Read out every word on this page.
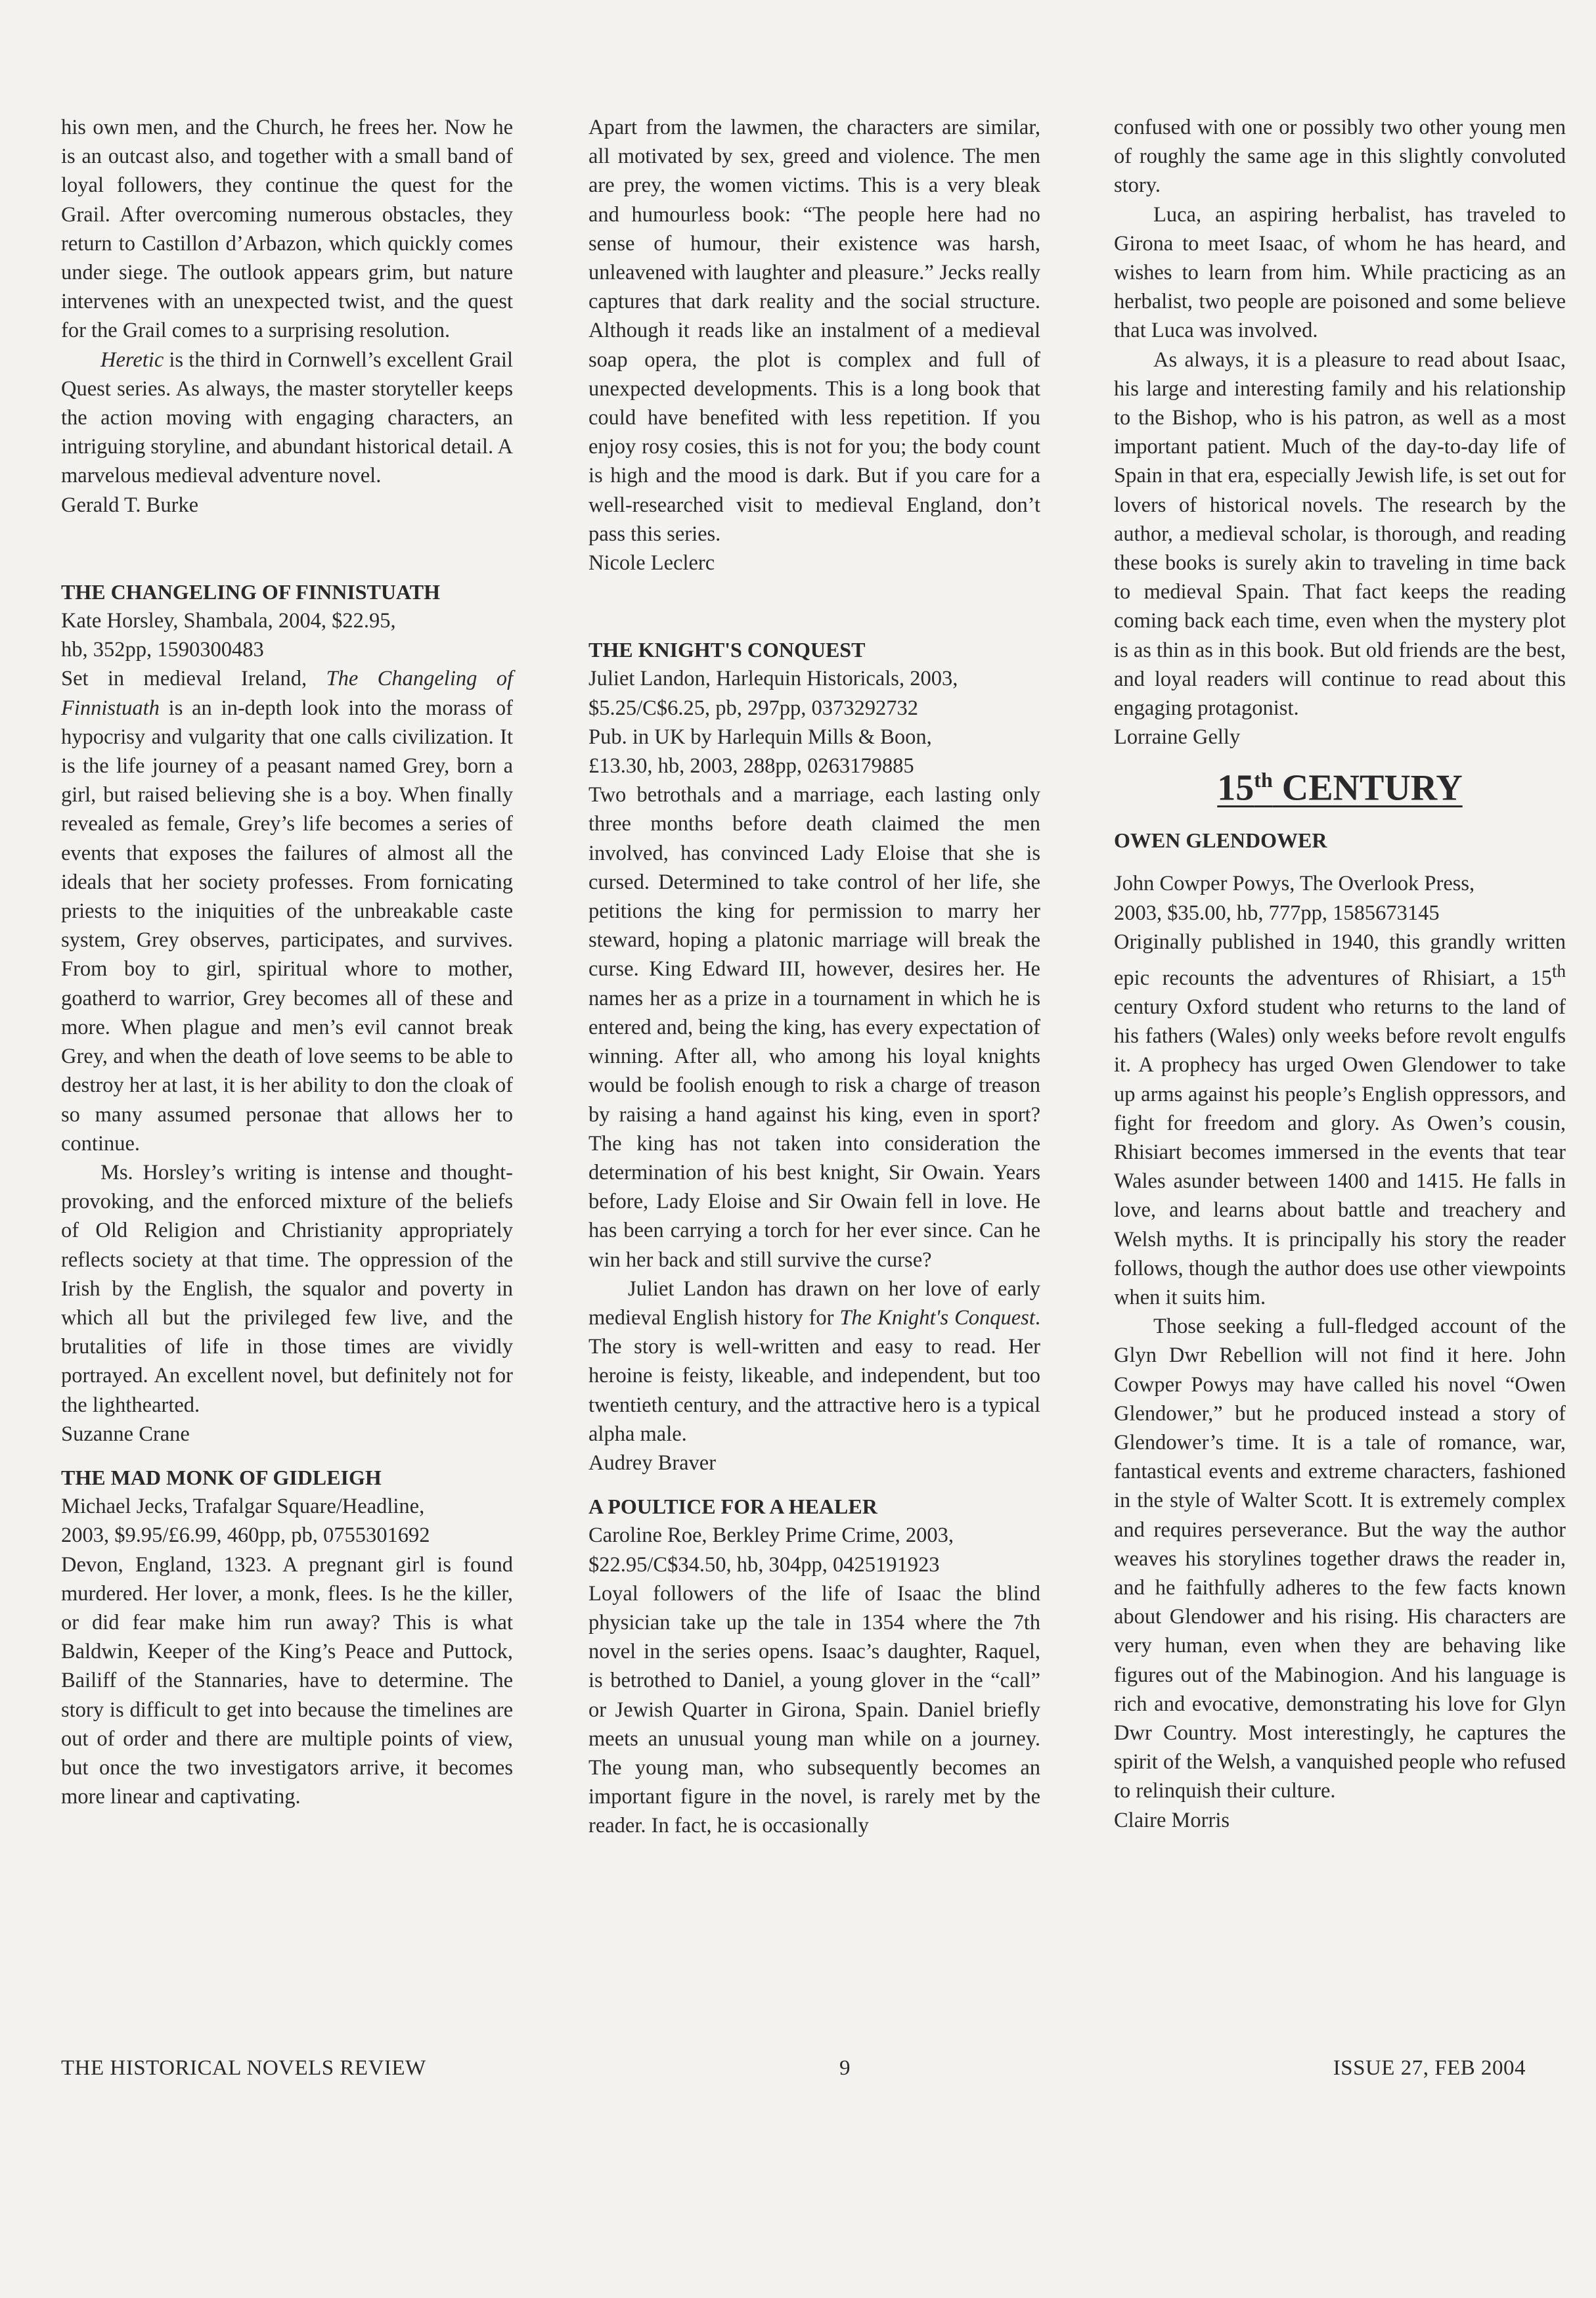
his own men, and the Church, he frees her. Now he is an outcast also, and together with a small band of loyal followers, they continue the quest for the Grail. After overcoming numerous obstacles, they return to Castillon d’Arbazon, which quickly comes under siege. The outlook appears grim, but nature intervenes with an unexpected twist, and the quest for the Grail comes to a surprising resolution.

Heretic is the third in Cornwell’s excellent Grail Quest series. As always, the master storyteller keeps the action moving with engaging characters, an intriguing storyline, and abundant historical detail. A marvelous medieval adventure novel.

Gerald T. Burke

THE CHANGELING OF FINNISTUATH

Kate Horsley, Shambala, 2004, $22.95,

hb, 352pp, 1590300483

Set in medieval Ireland, The Changeling of Finnistuath is an in-depth look into the morass of hypocrisy and vulgarity that one calls civilization. It is the life journey of a peasant named Grey, born a girl, but raised believing she is a boy. When finally revealed as female, Grey’s life becomes a series of events that exposes the failures of almost all the ideals that her society professes. From fornicating priests to the iniquities of the unbreakable caste system, Grey observes, participates, and survives. From boy to girl, spiritual whore to mother, goatherd to warrior, Grey becomes all of these and more. When plague and men’s evil cannot break Grey, and when the death of love seems to be able to destroy her at last, it is her ability to don the cloak of so many assumed personae that allows her to continue.

Ms. Horsley’s writing is intense and thought-provoking, and the enforced mixture of the beliefs of Old Religion and Christianity appropriately reflects society at that time. The oppression of the Irish by the English, the squalor and poverty in which all but the privileged few live, and the brutalities of life in those times are vividly portrayed. An excellent novel, but definitely not for the lighthearted.

Suzanne Crane

THE MAD MONK OF GIDLEIGH

Michael Jecks, Trafalgar Square/Headline,

2003, $9.95/£6.99, 460pp, pb, 0755301692

Devon, England, 1323. A pregnant girl is found murdered. Her lover, a monk, flees. Is he the killer, or did fear make him run away? This is what Baldwin, Keeper of the King’s Peace and Puttock, Bailiff of the Stannaries, have to determine. The story is difficult to get into because the timelines are out of order and there are multiple points of view, but once the two investigators arrive, it becomes more linear and captivating.

Apart from the lawmen, the characters are similar, all motivated by sex, greed and violence. The men are prey, the women victims. This is a very bleak and humourless book: “The people here had no sense of humour, their existence was harsh, unleavened with laughter and pleasure.” Jecks really captures that dark reality and the social structure. Although it reads like an instalment of a medieval soap opera, the plot is complex and full of unexpected developments. This is a long book that could have benefited with less repetition. If you enjoy rosy cosies, this is not for you; the body count is high and the mood is dark. But if you care for a well-researched visit to medieval England, don’t pass this series.

Nicole Leclerc

THE KNIGHT'S CONQUEST

Juliet Landon, Harlequin Historicals, 2003,

$5.25/C$6.25, pb, 297pp, 0373292732

Pub. in UK by Harlequin Mills & Boon,

£13.30, hb, 2003, 288pp, 0263179885

Two betrothals and a marriage, each lasting only three months before death claimed the men involved, has convinced Lady Eloise that she is cursed. Determined to take control of her life, she petitions the king for permission to marry her steward, hoping a platonic marriage will break the curse. King Edward III, however, desires her. He names her as a prize in a tournament in which he is entered and, being the king, has every expectation of winning. After all, who among his loyal knights would be foolish enough to risk a charge of treason by raising a hand against his king, even in sport? The king has not taken into consideration the determination of his best knight, Sir Owain. Years before, Lady Eloise and Sir Owain fell in love. He has been carrying a torch for her ever since. Can he win her back and still survive the curse?

Juliet Landon has drawn on her love of early medieval English history for The Knight's Conquest. The story is well-written and easy to read. Her heroine is feisty, likeable, and independent, but too twentieth century, and the attractive hero is a typical alpha male.

Audrey Braver

A POULTICE FOR A HEALER

Caroline Roe, Berkley Prime Crime, 2003,

$22.95/C$34.50, hb, 304pp, 0425191923

Loyal followers of the life of Isaac the blind physician take up the tale in 1354 where the 7th novel in the series opens. Isaac’s daughter, Raquel, is betrothed to Daniel, a young glover in the “call” or Jewish Quarter in Girona, Spain. Daniel briefly meets an unusual young man while on a journey. The young man, who subsequently becomes an important figure in the novel, is rarely met by the reader. In fact, he is occasionally

confused with one or possibly two other young men of roughly the same age in this slightly convoluted story.

Luca, an aspiring herbalist, has traveled to Girona to meet Isaac, of whom he has heard, and wishes to learn from him. While practicing as an herbalist, two people are poisoned and some believe that Luca was involved.

As always, it is a pleasure to read about Isaac, his large and interesting family and his relationship to the Bishop, who is his patron, as well as a most important patient. Much of the day-to-day life of Spain in that era, especially Jewish life, is set out for lovers of historical novels. The research by the author, a medieval scholar, is thorough, and reading these books is surely akin to traveling in time back to medieval Spain. That fact keeps the reading coming back each time, even when the mystery plot is as thin as in this book. But old friends are the best, and loyal readers will continue to read about this engaging protagonist.

Lorraine Gelly

15th CENTURY

OWEN GLENDOWER

John Cowper Powys, The Overlook Press,

2003, $35.00, hb, 777pp, 1585673145

Originally published in 1940, this grandly written epic recounts the adventures of Rhisiart, a 15th century Oxford student who returns to the land of his fathers (Wales) only weeks before revolt engulfs it. A prophecy has urged Owen Glendower to take up arms against his people’s English oppressors, and fight for freedom and glory. As Owen’s cousin, Rhisiart becomes immersed in the events that tear Wales asunder between 1400 and 1415. He falls in love, and learns about battle and treachery and Welsh myths. It is principally his story the reader follows, though the author does use other viewpoints when it suits him.

Those seeking a full-fledged account of the Glyn Dwr Rebellion will not find it here. John Cowper Powys may have called his novel “Owen Glendower,” but he produced instead a story of Glendower’s time. It is a tale of romance, war, fantastical events and extreme characters, fashioned in the style of Walter Scott. It is extremely complex and requires perseverance. But the way the author weaves his storylines together draws the reader in, and he faithfully adheres to the few facts known about Glendower and his rising. His characters are very human, even when they are behaving like figures out of the Mabinogion. And his language is rich and evocative, demonstrating his love for Glyn Dwr Country. Most interestingly, he captures the spirit of the Welsh, a vanquished people who refused to relinquish their culture.

Claire Morris

THE HISTORICAL NOVELS REVIEW	9	ISSUE 27, FEB 2004
